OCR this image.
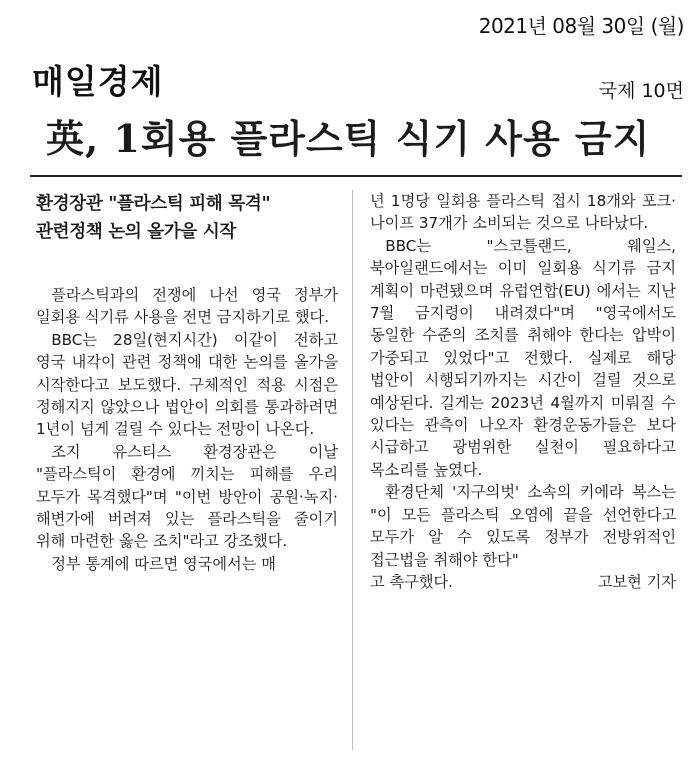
2021년 08월 30일 (월)
매일경제	국제 10면
英, 1회용 플라스틱 식기 사용 금지
환경장관 "플라스틱 피해 목격"
관련정책 논의 올가을 시작

플라스틱과의 전쟁에 나선 영국 정부가 일회용 식기류 사용을 전면 금지하기로 했다.

BBC는 28일(현지시간) 이같이 전하고 영국 내각이 관련 정책에 대한 논의를 올가을 시작한다고 보도했다. 구체적인 적용 시점은 정해지지 않았으나 법안이 의회를 통과하려면 1년이 넘게 걸릴 수 있다는 전망이 나온다.

조지 유스티스 환경장관은 이날 "플라스틱이 환경에 끼치는 피해를 우리 모두가 목격했다"며 "이번 방안이 공원·녹지·해변가에 버려져 있는 플라스틱을 줄이기 위해 마련한 옳은 조치"라고 강조했다.

정부 통계에 따르면 영국에서는 매

년 1명당 일회용 플라스틱 접시 18개와 포크·나이프 37개가 소비되는 것으로 나타났다.

BBC는 "스코틀랜드, 웨일스, 북아일랜드에서는 이미 일회용 식기류 금지 계획이 마련됐으며 유럽연합(EU) 에서는 지난 7월 금지령이 내려졌다"며 "영국에서도 동일한 수준의 조치를 취해야 한다는 압박이 가중되고 있었다"고 전했다. 실제로 해당 법안이 시행되기까지는 시간이 걸릴 것으로 예상된다. 길게는 2023년 4월까지 미뤄질 수 있다는 관측이 나오자 환경운동가들은 보다 시급하고 광범위한 실천이 필요하다고 목소리를 높였다.

환경단체 '지구의벗' 소속의 키에라 복스는 "이 모든 플라스틱 오염에 끝을 선언한다고 모두가 알 수 있도록 정부가 전방위적인 접근법을 취해야 한다"

고 촉구했다.	고보현 기자
